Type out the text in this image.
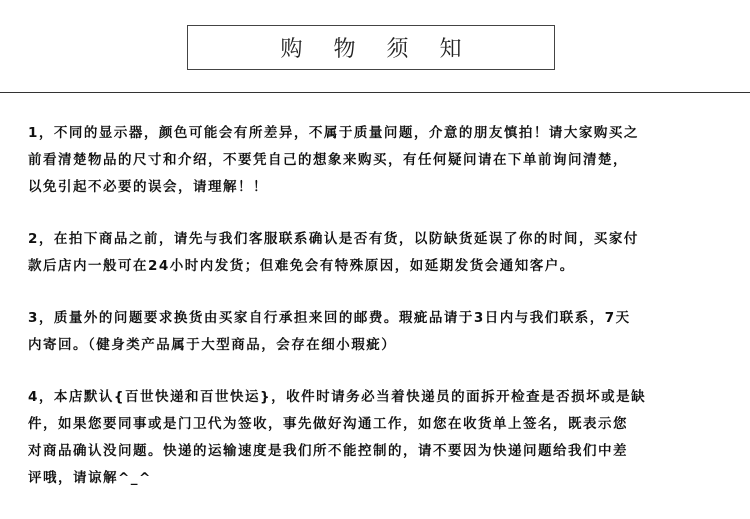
购 物 须 知

1，不同的显示器，颜色可能会有所差异，不属于质量问题，介意的朋友慎拍！请大家购买之
前看清楚物品的尺寸和介绍，不要凭自己的想象来购买，有任何疑问请在下单前询问清楚，
以免引起不必要的误会，请理解！！

2，在拍下商品之前，请先与我们客服联系确认是否有货，以防缺货延误了你的时间，买家付
款后店内一般可在24小时内发货；但难免会有特殊原因，如延期发货会通知客户。

3，质量外的问题要求换货由买家自行承担来回的邮费。瑕疵品请于3日内与我们联系，7天
内寄回。（健身类产品属于大型商品，会存在细小瑕疵）

4，本店默认{百世快递和百世快运}，收件时请务必当着快递员的面拆开检查是否损坏或是缺
件，如果您要同事或是门卫代为签收，事先做好沟通工作，如您在收货单上签名，既表示您
对商品确认没问题。快递的运输速度是我们所不能控制的，请不要因为快递问题给我们中差
评哦，请谅解^_^
